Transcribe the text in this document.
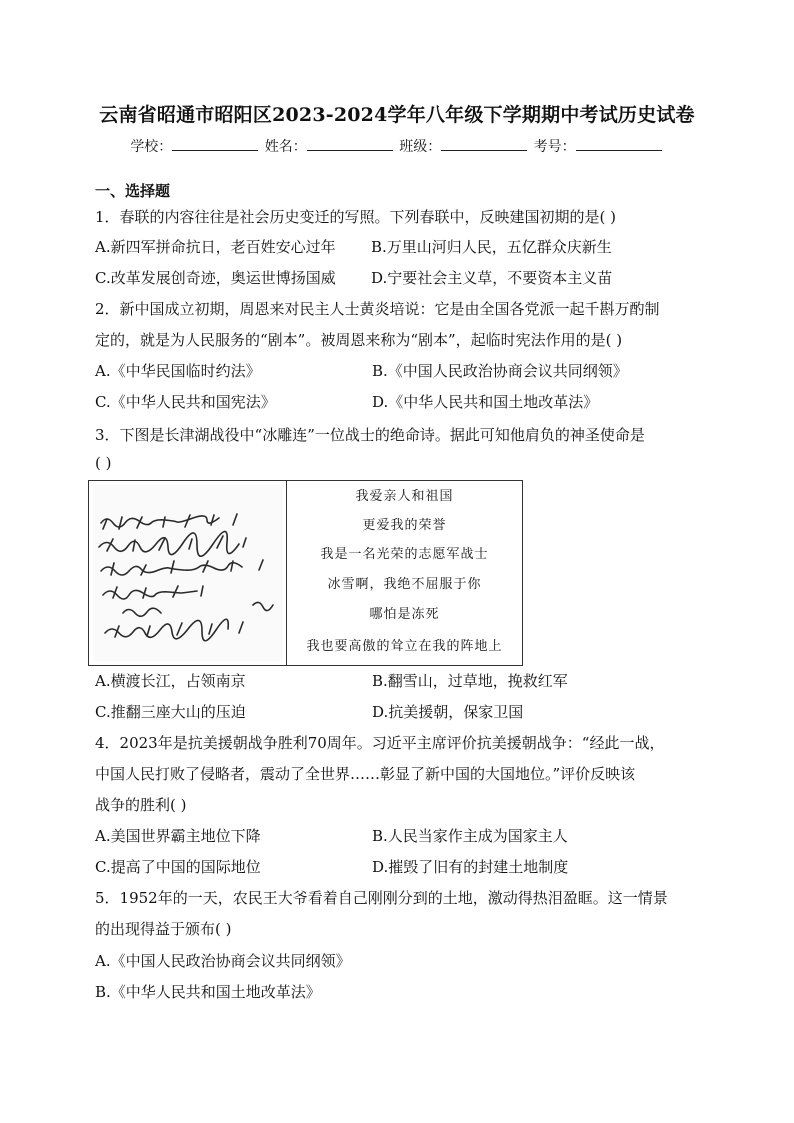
云南省昭通市昭阳区2023-2024学年八年级下学期期中考试历史试卷
学校：	姓名：	班级：	考号：
一、选择题
1．春联的内容往往是社会历史变迁的写照。下列春联中，反映建国初期的是( )
A.新四军拼命抗日，老百姓安心过年 B.万里山河归人民，五亿群众庆新生
C.改革发展创奇迹，奥运世博扬国威 D.宁要社会主义草，不要资本主义苗
2．新中国成立初期，周恩来对民主人士黄炎培说：它是由全国各党派一起千斟万酌制
定的，就是为人民服务的“剧本”。被周恩来称为“剧本”，起临时宪法作用的是( )
A.《中华民国临时约法》	B.《中国人民政治协商会议共同纲领》
C.《中华人民共和国宪法》	D.《中华人民共和国土地改革法》
3．下图是长津湖战役中“冰雕连”一位战士的绝命诗。据此可知他肩负的神圣使命是
( )
我爱亲人和祖国
更爱我的荣誉
我是一名光荣的志愿军战士
冰雪啊，我绝不屈服于你
哪怕是冻死
我也要高傲的耸立在我的阵地上
A.横渡长江，占领南京	B.翻雪山，过草地，挽救红军
C.推翻三座大山的压迫	D.抗美援朝，保家卫国
4．2023年是抗美援朝战争胜利70周年。习近平主席评价抗美援朝战争：“经此一战，
中国人民打败了侵略者，震动了全世界……彰显了新中国的大国地位。”评价反映该
战争的胜利( )
A.美国世界霸主地位下降	B.人民当家作主成为国家主人
C.提高了中国的国际地位	D.摧毁了旧有的封建土地制度
5．1952年的一天，农民王大爷看着自己刚刚分到的土地，激动得热泪盈眶。这一情景
的出现得益于颁布( )
A.《中国人民政治协商会议共同纲领》
B.《中华人民共和国土地改革法》
